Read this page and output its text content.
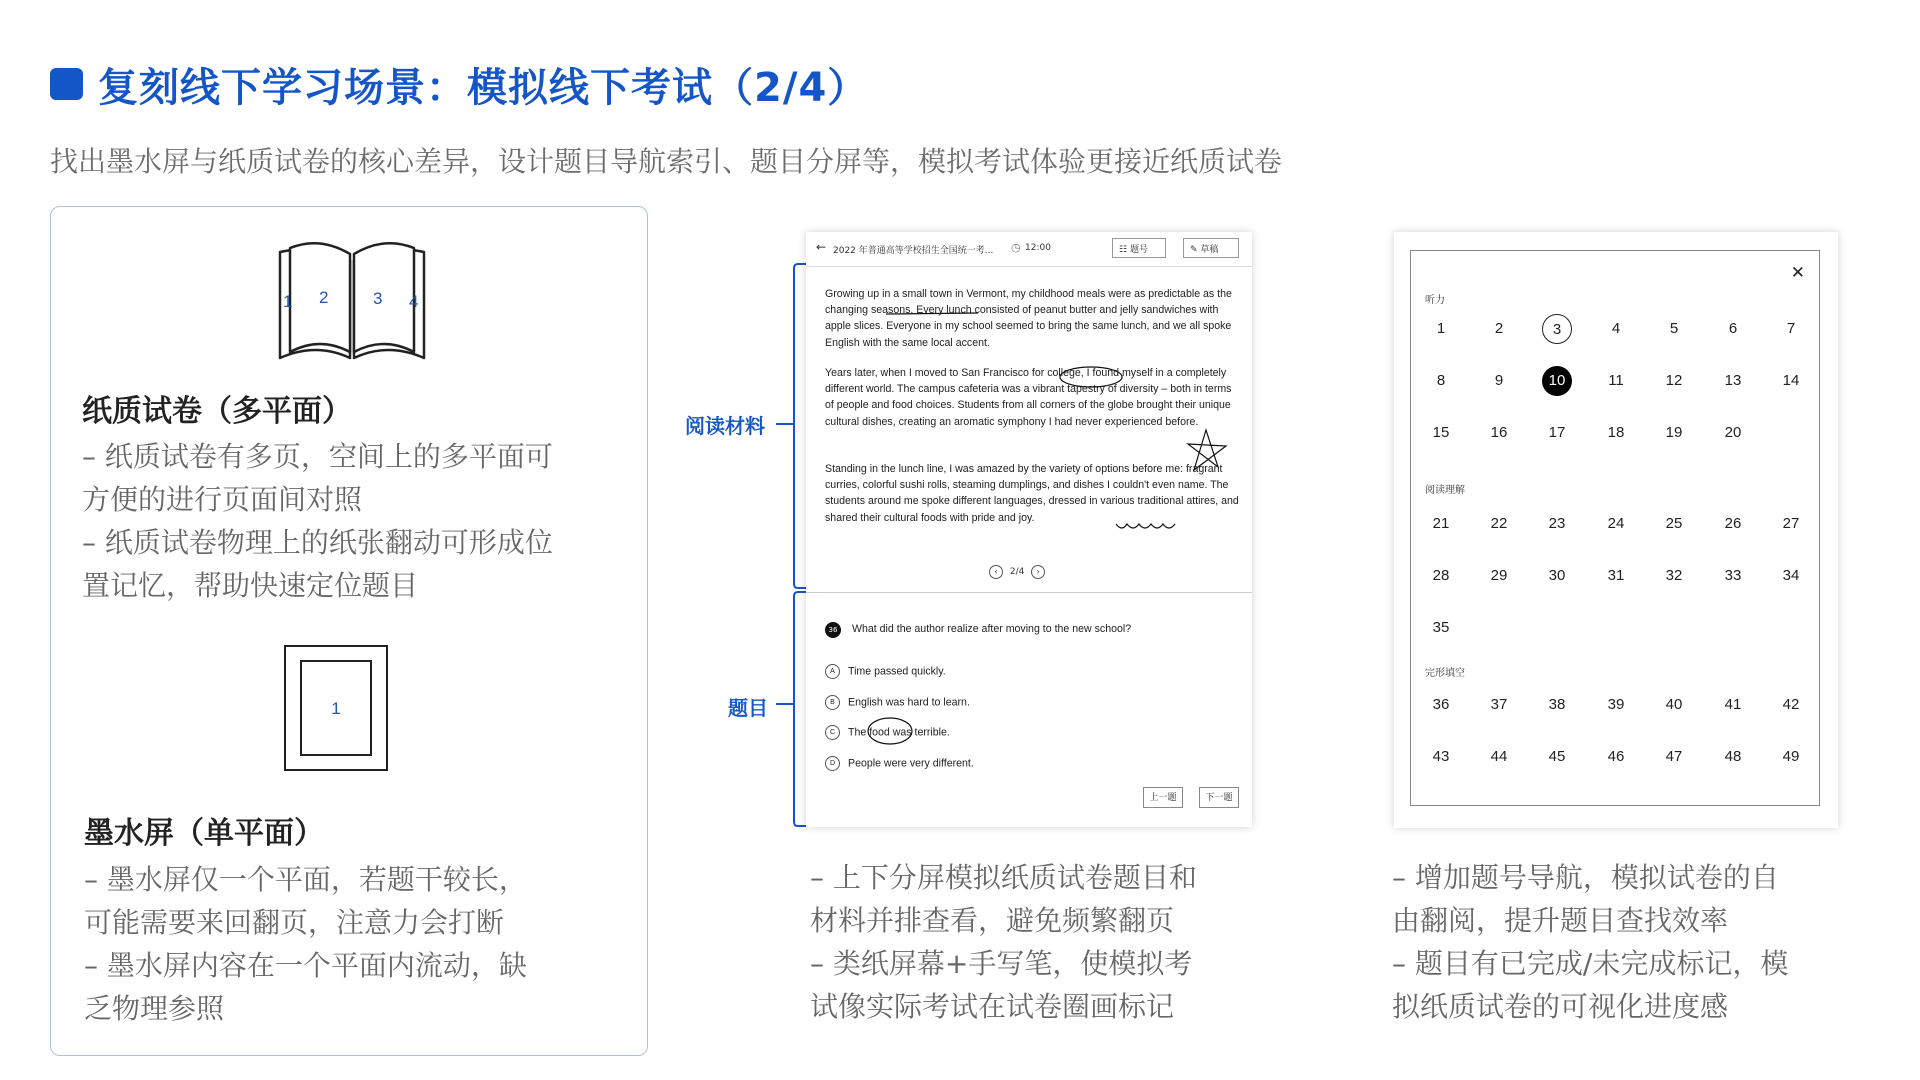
复刻线下学习场景：模拟线下考试（2/4）
找出墨水屏与纸质试卷的核心差异，设计题目导航索引、题目分屏等，模拟考试体验更接近纸质试卷
1 2	3 4
纸质试卷（多平面）
– 纸质试卷有多页，空间上的多平面可
方便的进行页面间对照
– 纸质试卷物理上的纸张翻动可形成位
置记忆，帮助快速定位题目
1
墨水屏（单平面）
– 墨水屏仅一个平面，若题干较长，
可能需要来回翻页，注意力会打断
– 墨水屏内容在一个平面内流动，缺
乏物理参照
阅读材料
题目
← 2022 年普通高等学校招生全国统一考... ◷ 12:00	☷ 题号	✎ 草稿
Growing up in a small town in Vermont, my childhood meals were as predictable as the changing seasons. Every lunch consisted of peanut butter and jelly sandwiches with apple slices. Everyone in my school seemed to bring the same lunch, and we all spoke English with the same local accent.
Years later, when I moved to San Francisco for college, I found myself in a completely different world. The campus cafeteria was a vibrant tapestry of diversity – both in terms of people and food choices. Students from all corners of the globe brought their unique cultural dishes, creating an aromatic symphony I had never experienced before.
Standing in the lunch line, I was amazed by the variety of options before me: fragrant curries, colorful sushi rolls, steaming dumplings, and dishes I couldn't even name. The students around me spoke different languages, dressed in various traditional attires, and shared their cultural foods with pride and joy.
‹ 2/4 ›
36	What did the author realize after moving to the new school?
A Time passed quickly.
B English was hard to learn.
C The food was terrible.
D People were very different.
上一题	下一题
– 上下分屏模拟纸质试卷题目和
材料并排查看，避免频繁翻页
– 类纸屏幕+手写笔，使模拟考
试像实际考试在试卷圈画标记
✕
听力
1	2	3	4	5	6	7
8	9	10	11	12	13	14
15	16	17	18	19	20
阅读理解
21	22	23	24	25	26	27
28	29	30	31	32	33	34
35
完形填空
36	37	38	39	40	41	42
43	44	45	46	47	48	49
– 增加题号导航，模拟试卷的自
由翻阅，提升题目查找效率
– 题目有已完成/未完成标记，模
拟纸质试卷的可视化进度感
